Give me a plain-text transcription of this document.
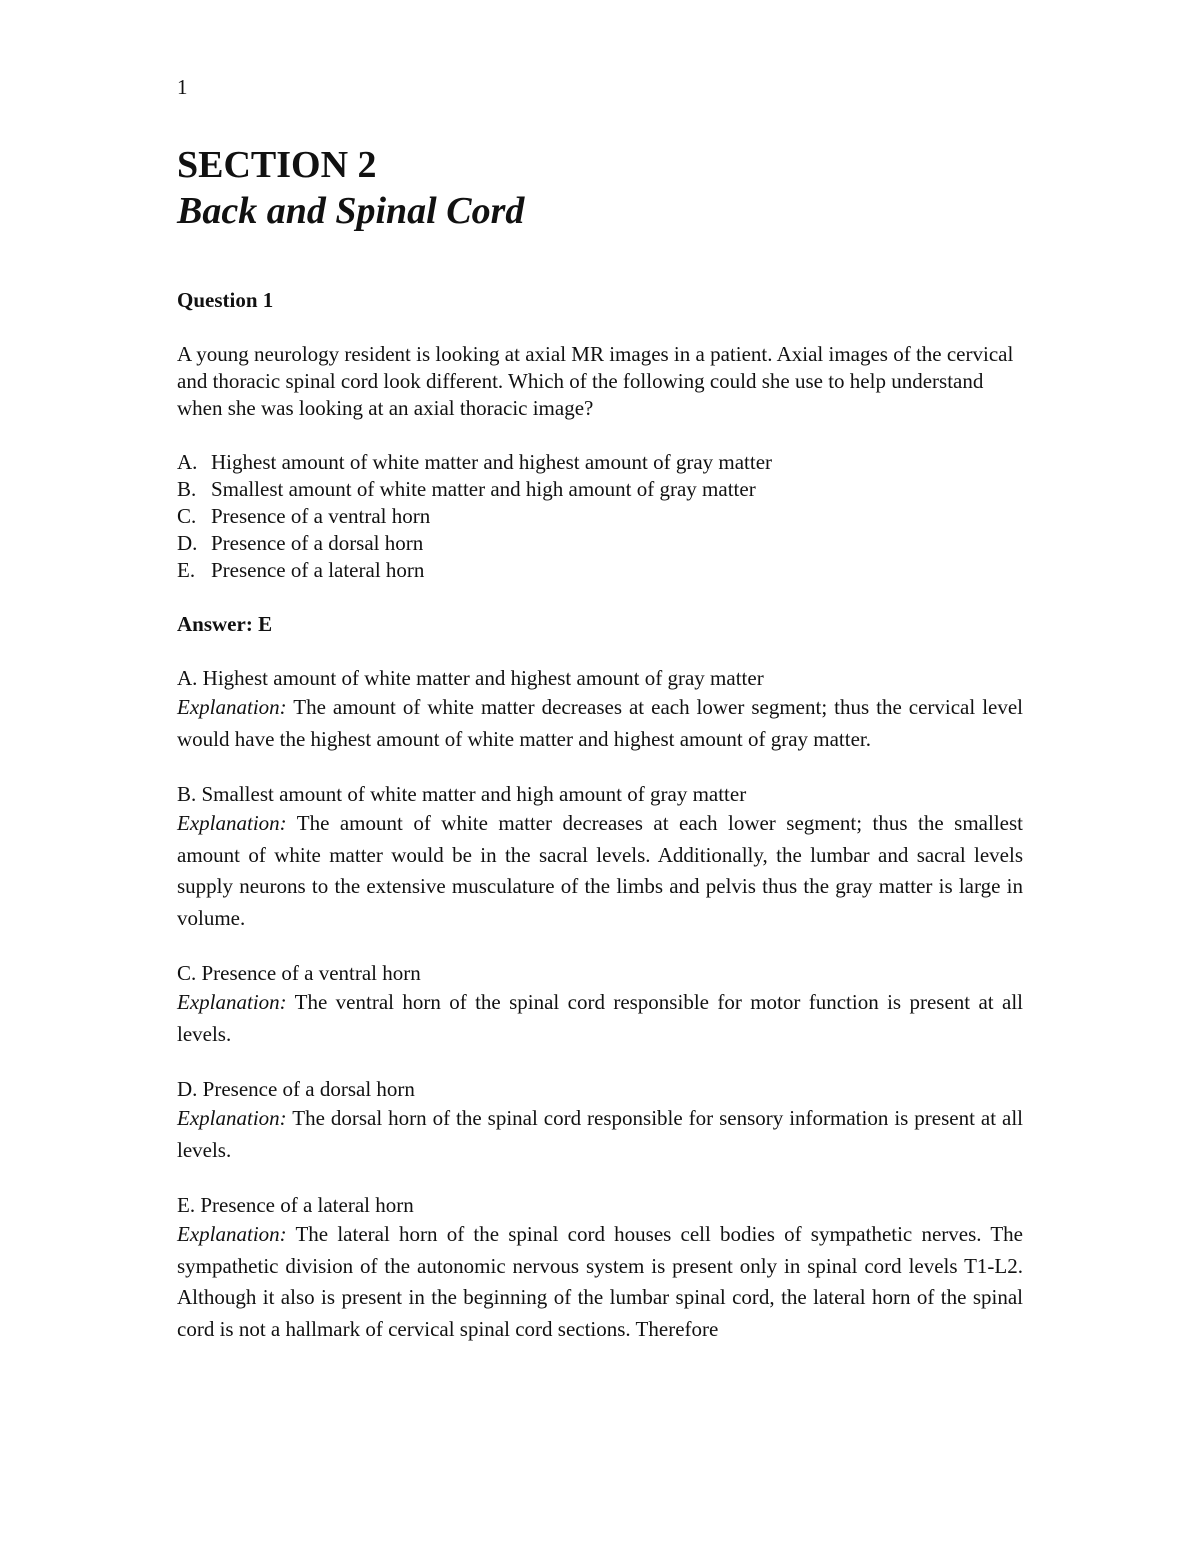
1
SECTION 2
Back and Spinal Cord

Question 1

A young neurology resident is looking at axial MR images in a patient. Axial images of the cervical and thoracic spinal cord look different. Which of the following could she use to help understand when she was looking at an axial thoracic image?

A. Highest amount of white matter and highest amount of gray matter
B. Smallest amount of white matter and high amount of gray matter
C. Presence of a ventral horn
D. Presence of a dorsal horn
E. Presence of a lateral horn

Answer: E

A. Highest amount of white matter and highest amount of gray matter

Explanation: The amount of white matter decreases at each lower segment; thus the cervical level would have the highest amount of white matter and highest amount of gray matter.

B. Smallest amount of white matter and high amount of gray matter

Explanation: The amount of white matter decreases at each lower segment; thus the smallest amount of white matter would be in the sacral levels. Additionally, the lumbar and sacral levels supply neurons to the extensive musculature of the limbs and pelvis thus the gray matter is large in volume.

C. Presence of a ventral horn

Explanation: The ventral horn of the spinal cord responsible for motor function is present at all levels.

D. Presence of a dorsal horn

Explanation: The dorsal horn of the spinal cord responsible for sensory information is present at all levels.

E. Presence of a lateral horn

Explanation: The lateral horn of the spinal cord houses cell bodies of sympathetic nerves. The sympathetic division of the autonomic nervous system is present only in spinal cord levels T1-L2. Although it also is present in the beginning of the lumbar spinal cord, the lateral horn of the spinal cord is not a hallmark of cervical spinal cord sections. Therefore
